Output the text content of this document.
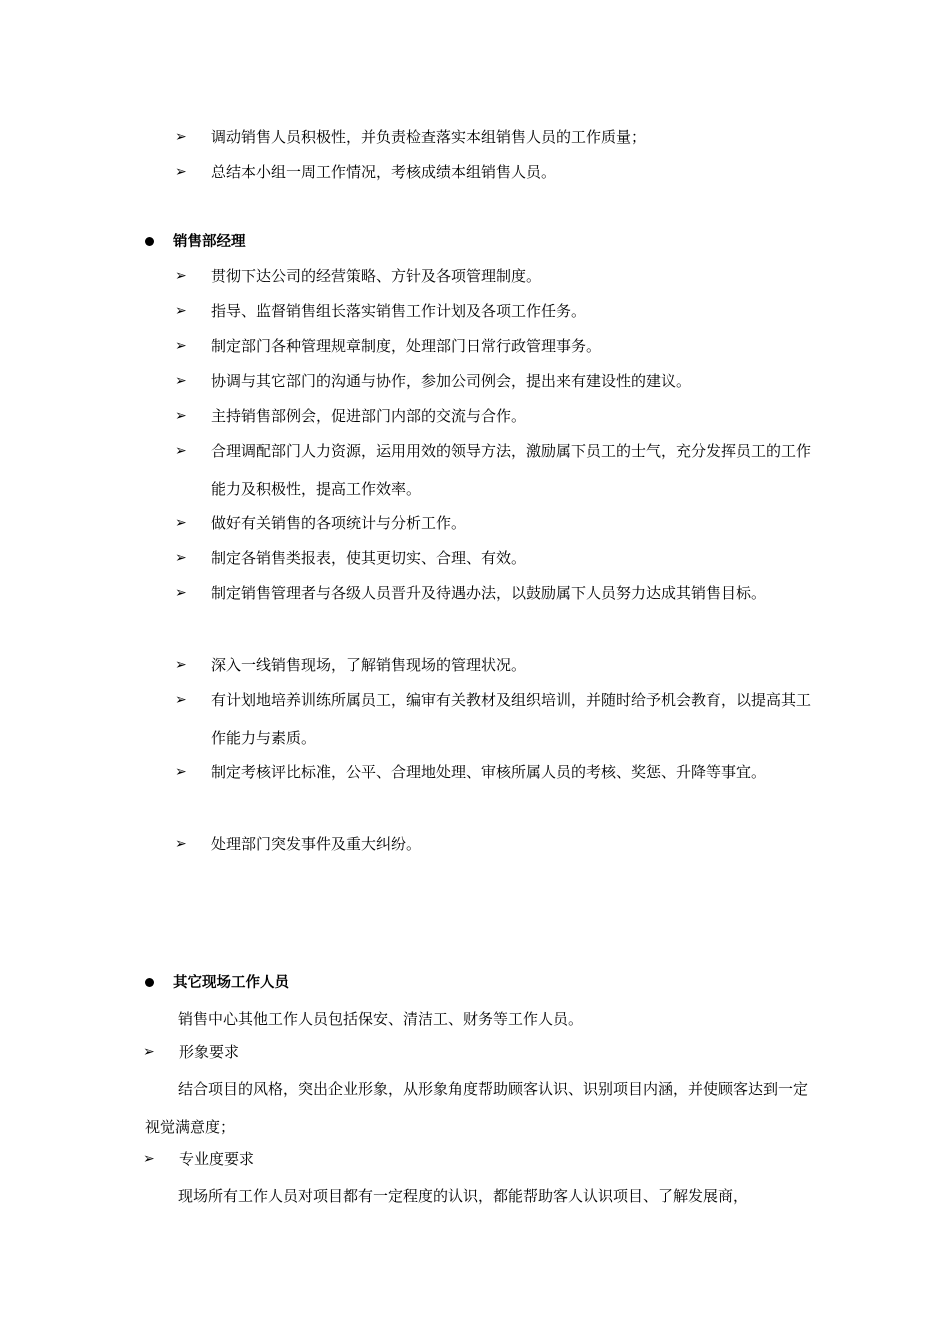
➢	调动销售人员积极性，并负责检查落实本组销售人员的工作质量；
➢	总结本小组一周工作情况，考核成绩本组销售人员。
销售部经理
➢	贯彻下达公司的经营策略、方针及各项管理制度。
➢	指导、监督销售组长落实销售工作计划及各项工作任务。
➢	制定部门各种管理规章制度，处理部门日常行政管理事务。
➢	协调与其它部门的沟通与协作，参加公司例会，提出来有建设性的建议。
➢	主持销售部例会，促进部门内部的交流与合作。
➢	合理调配部门人力资源，运用用效的领导方法，激励属下员工的士气，充分发挥员工的工作能力及积极性，提高工作效率。
➢	做好有关销售的各项统计与分析工作。
➢	制定各销售类报表，使其更切实、合理、有效。
➢	制定销售管理者与各级人员晋升及待遇办法，以鼓励属下人员努力达成其销售目标。
➢	深入一线销售现场，了解销售现场的管理状况。
➢	有计划地培养训练所属员工，编审有关教材及组织培训，并随时给予机会教育，以提高其工作能力与素质。
➢	制定考核评比标准，公平、合理地处理、审核所属人员的考核、奖惩、升降等事宜。
➢	处理部门突发事件及重大纠纷。
其它现场工作人员
销售中心其他工作人员包括保安、清洁工、财务等工作人员。
➢	形象要求
结合项目的风格，突出企业形象，从形象角度帮助顾客认识、识别项目内涵，并使顾客达到一定视觉满意度；
➢	专业度要求
现场所有工作人员对项目都有一定程度的认识，都能帮助客人认识项目、了解发展商，
